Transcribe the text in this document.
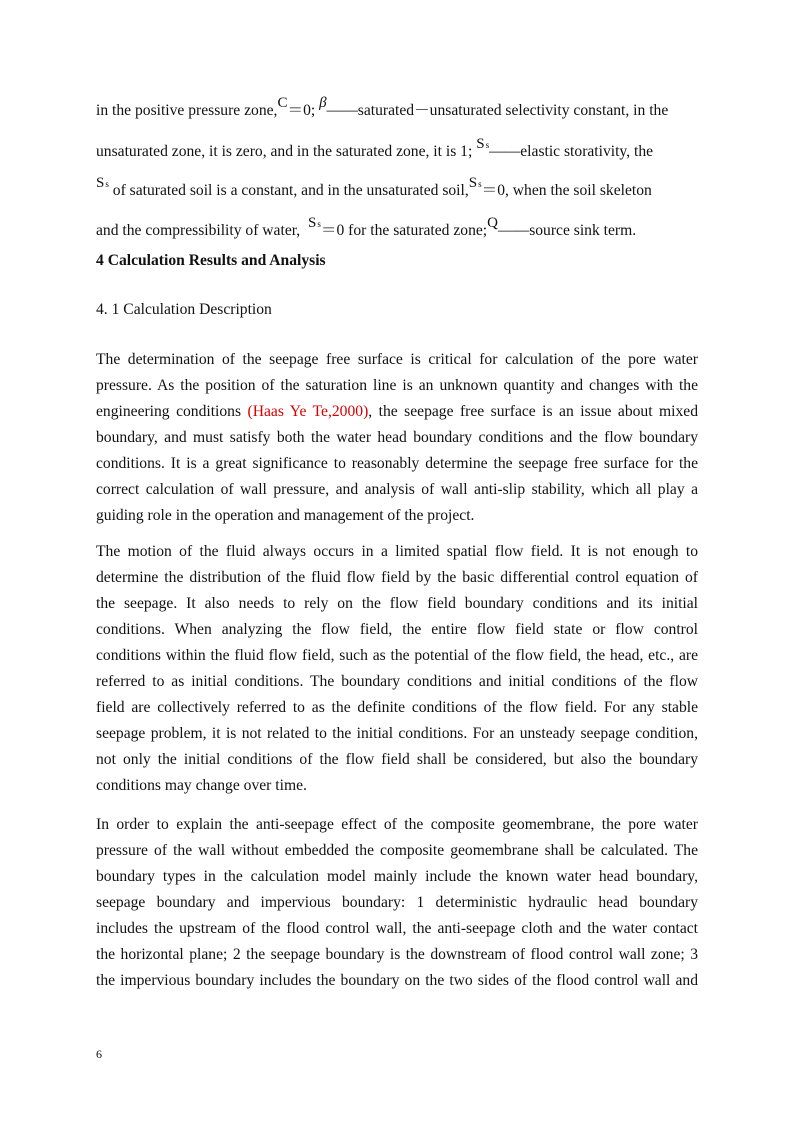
in the positive pressure zone,C＝0; β——saturated－unsaturated selectivity constant, in the
unsaturated zone, it is zero, and in the saturated zone, it is 1; Ss——elastic storativity, the
Ss of saturated soil is a constant, and in the unsaturated soil,Ss＝0, when the soil skeleton
and the compressibility of water, Ss＝0 for the saturated zone;Q——source sink term.
4 Calculation Results and Analysis
4. 1 Calculation Description
The determination of the seepage free surface is critical for calculation of the pore water
pressure. As the position of the saturation line is an unknown quantity and changes with the
engineering conditions (Haas Ye Te,2000), the seepage free surface is an issue about mixed
boundary, and must satisfy both the water head boundary conditions and the flow boundary
conditions. It is a great significance to reasonably determine the seepage free surface for the
correct calculation of wall pressure, and analysis of wall anti-slip stability, which all play a
guiding role in the operation and management of the project.
The motion of the fluid always occurs in a limited spatial flow field. It is not enough to
determine the distribution of the fluid flow field by the basic differential control equation of
the seepage. It also needs to rely on the flow field boundary conditions and its initial
conditions. When analyzing the flow field, the entire flow field state or flow control
conditions within the fluid flow field, such as the potential of the flow field, the head, etc., are
referred to as initial conditions. The boundary conditions and initial conditions of the flow
field are collectively referred to as the definite conditions of the flow field. For any stable
seepage problem, it is not related to the initial conditions. For an unsteady seepage condition,
not only the initial conditions of the flow field shall be considered, but also the boundary
conditions may change over time.
In order to explain the anti-seepage effect of the composite geomembrane, the pore water
pressure of the wall without embedded the composite geomembrane shall be calculated. The
boundary types in the calculation model mainly include the known water head boundary,
seepage boundary and impervious boundary: 1 deterministic hydraulic head boundary
includes the upstream of the flood control wall, the anti-seepage cloth and the water contact
the horizontal plane; 2 the seepage boundary is the downstream of flood control wall zone; 3
the impervious boundary includes the boundary on the two sides of the flood control wall and
6
